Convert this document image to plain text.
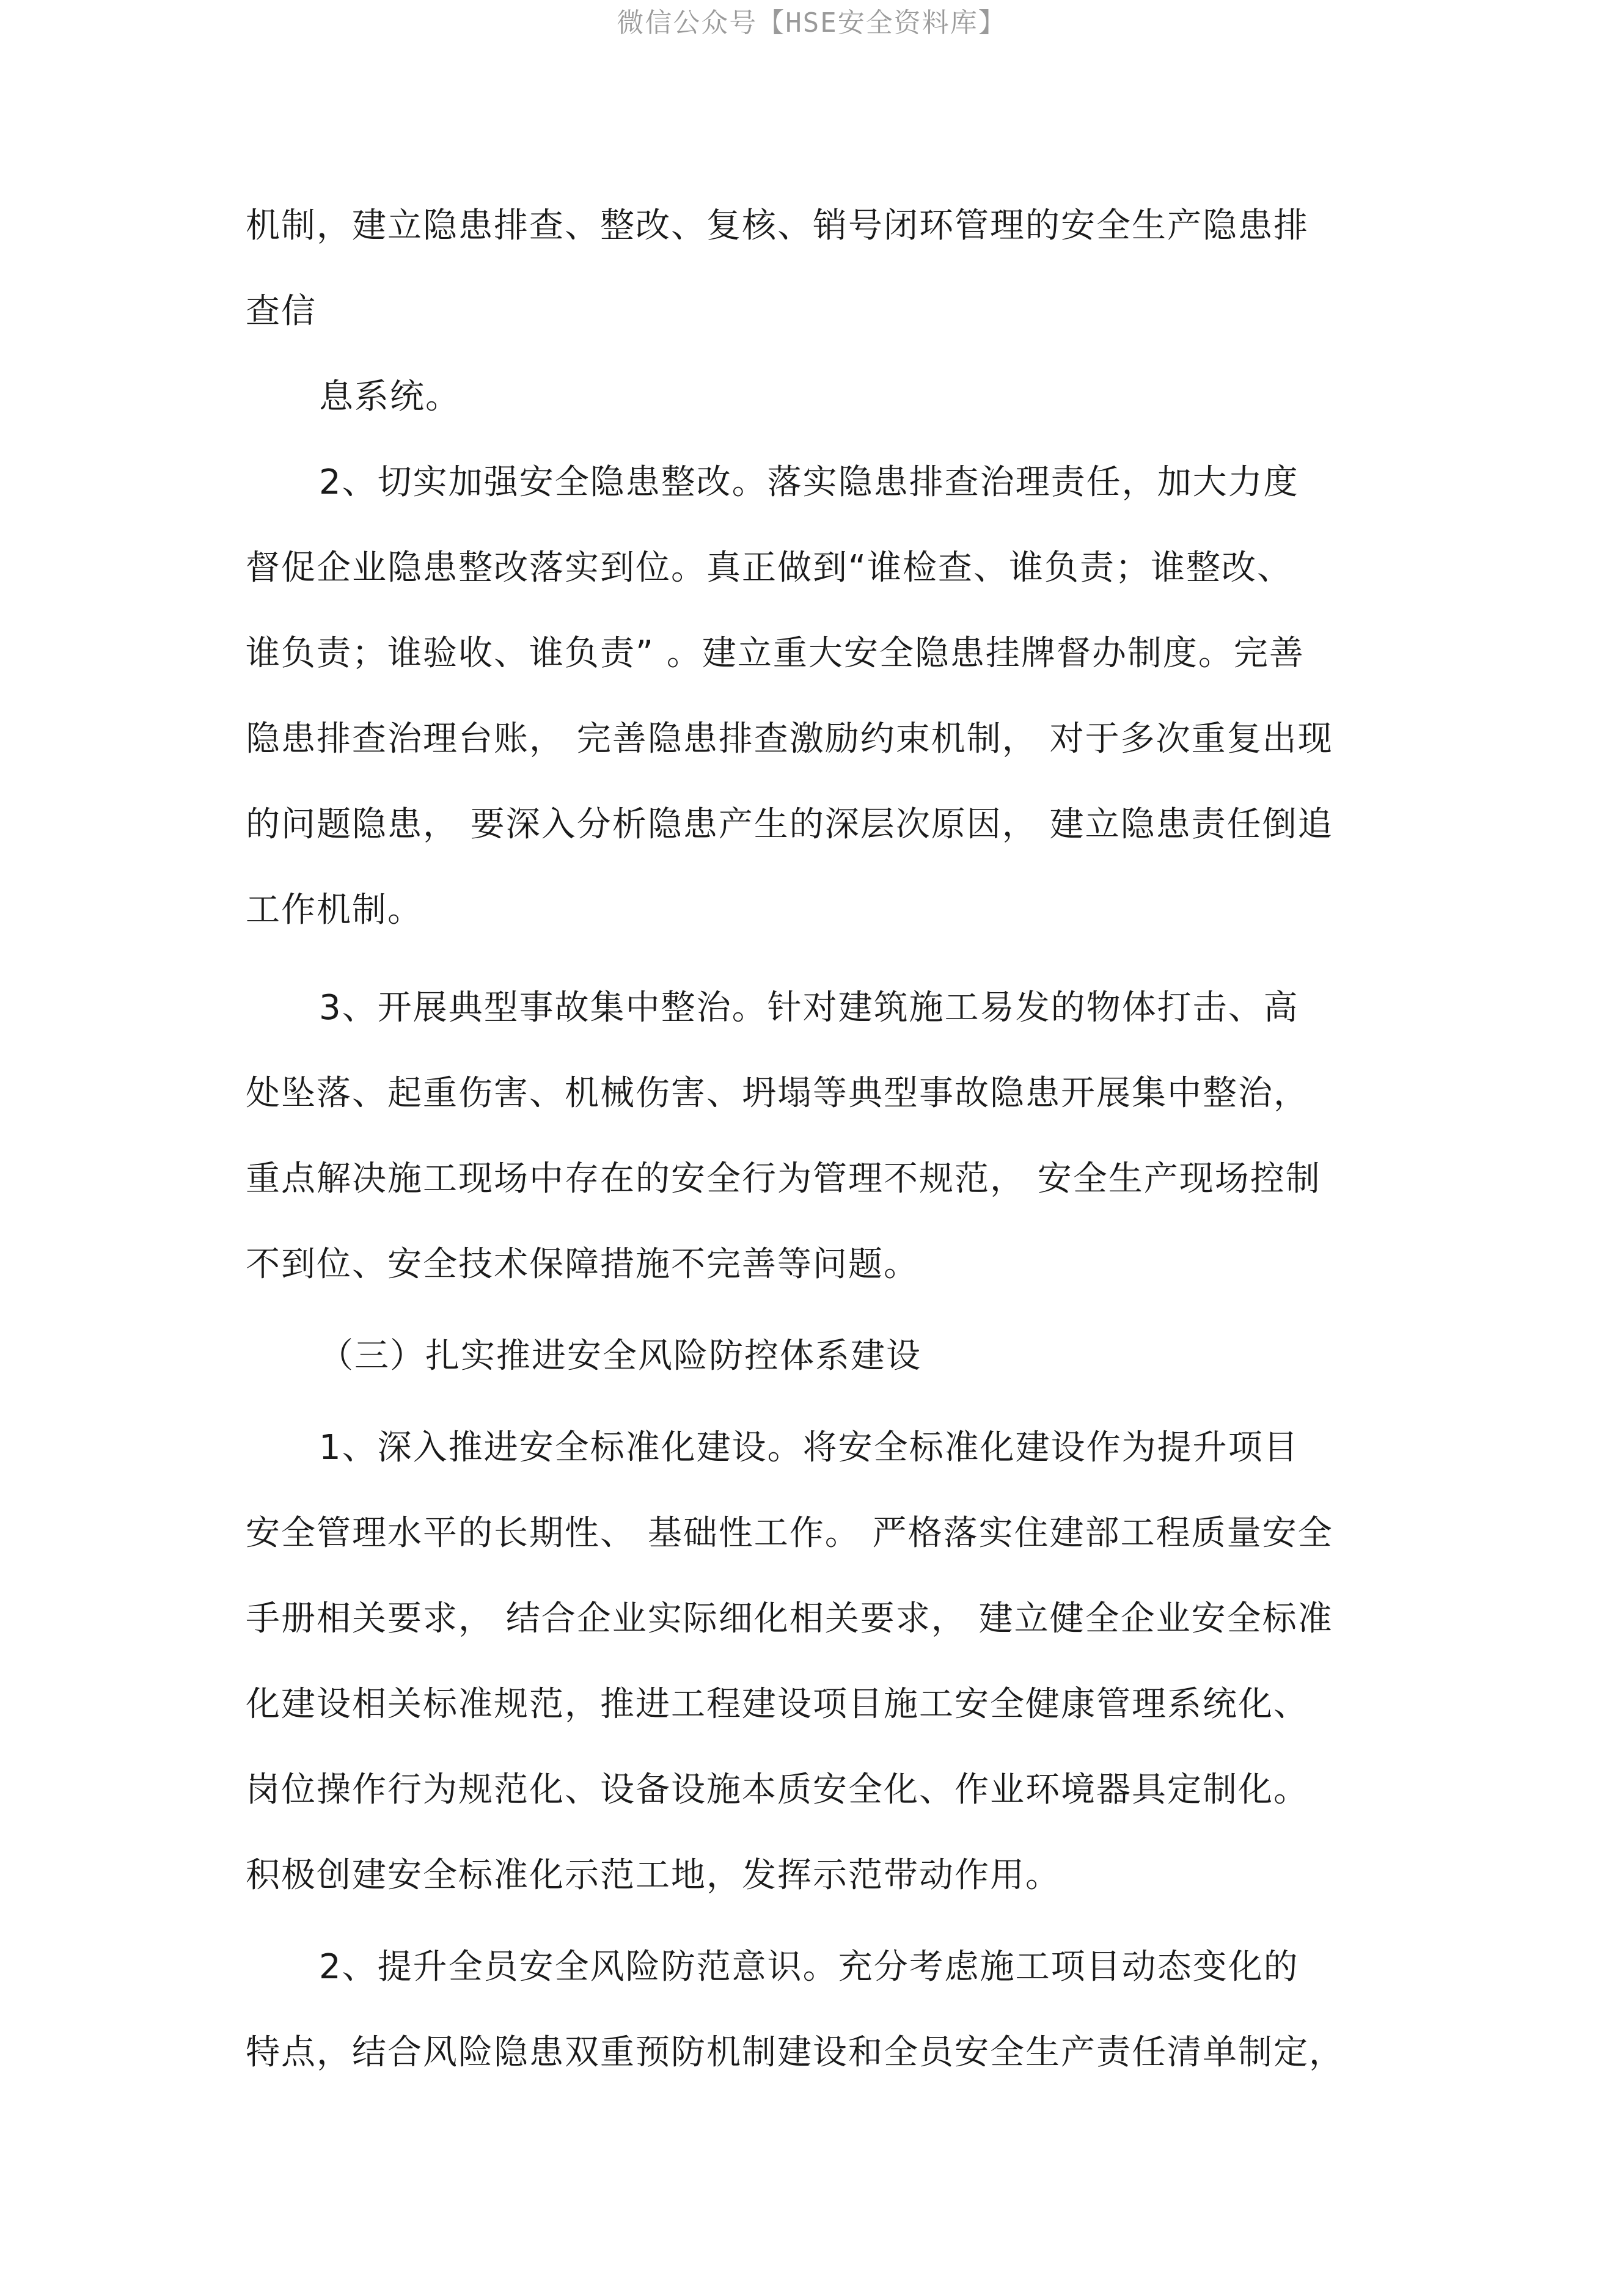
微信公众号【HSE安全资料库】
机制，建立隐患排查、整改、复核、销号闭环管理的安全生产隐患排
查信
息系统。
2、切实加强安全隐患整改。落实隐患排查治理责任，加大力度
督促企业隐患整改落实到位。真正做到“谁检查、谁负责；谁整改、
谁负责；谁验收、谁负责” 。建立重大安全隐患挂牌督办制度。完善
隐患排查治理台账， 完善隐患排查激励约束机制， 对于多次重复出现
的问题隐患， 要深入分析隐患产生的深层次原因， 建立隐患责任倒追
工作机制。
3、开展典型事故集中整治。针对建筑施工易发的物体打击、高
处坠落、起重伤害、机械伤害、坍塌等典型事故隐患开展集中整治，
重点解决施工现场中存在的安全行为管理不规范， 安全生产现场控制
不到位、安全技术保障措施不完善等问题。
（三）扎实推进安全风险防控体系建设
1、深入推进安全标准化建设。将安全标准化建设作为提升项目
安全管理水平的长期性、 基础性工作。 严格落实住建部工程质量安全
手册相关要求， 结合企业实际细化相关要求， 建立健全企业安全标准
化建设相关标准规范，推进工程建设项目施工安全健康管理系统化、
岗位操作行为规范化、设备设施本质安全化、作业环境器具定制化。
积极创建安全标准化示范工地，发挥示范带动作用。
2、提升全员安全风险防范意识。充分考虑施工项目动态变化的
特点，结合风险隐患双重预防机制建设和全员安全生产责任清单制定，
